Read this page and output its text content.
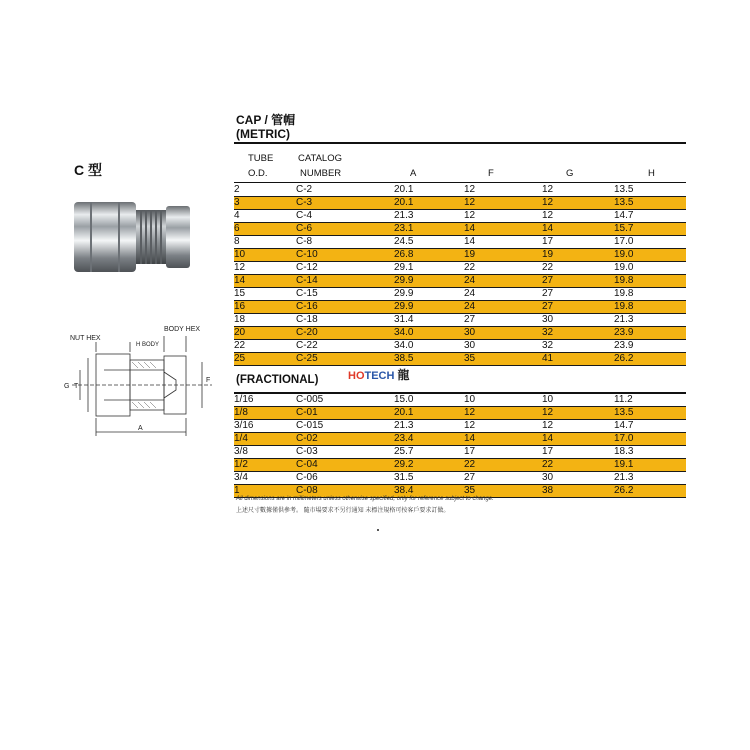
C 型
NUT HEX
BODY HEX
H BODY
G T
F
A
CAP / 管帽
(METRIC)
TUBE
O.D.
CATALOG
NUMBER	A	F	G	H
2	C-2	20.1	12	12	13.5
3	C-3	20.1	12	12	13.5
4	C-4	21.3	12	12	14.7
6	C-6	23.1	14	14	15.7
8	C-8	24.5	14	17	17.0
10	C-10	26.8	19	19	19.0
12	C-12	29.1	22	22	19.0
14	C-14	29.9	24	27	19.8
15	C-15	29.9	24	27	19.8
16	C-16	29.9	24	27	19.8
18	C-18	31.4	27	30	21.3
20	C-20	34.0	30	32	23.9
22	C-22	34.0	30	32	23.9
25	C-25	38.5	35	41	26.2
(FRACTIONAL)	HOTECH 龍
1/16	C-005	15.0	10	10	11.2
1/8	C-01	20.1	12	12	13.5
3/16	C-015	21.3	12	12	14.7
1/4	C-02	23.4	14	14	17.0
3/8	C-03	25.7	17	17	18.3
1/2	C-04	29.2	22	22	19.1
3/4	C-06	31.5	27	30	21.3
1	C-08	38.4	35	38	26.2
All dimensions are in millimeters unless otherwise specified, only for reference subject to change.
上述尺寸數據僅供參考。 隨市場要求不另行通知 未標注規格可按客戶要求訂做。
